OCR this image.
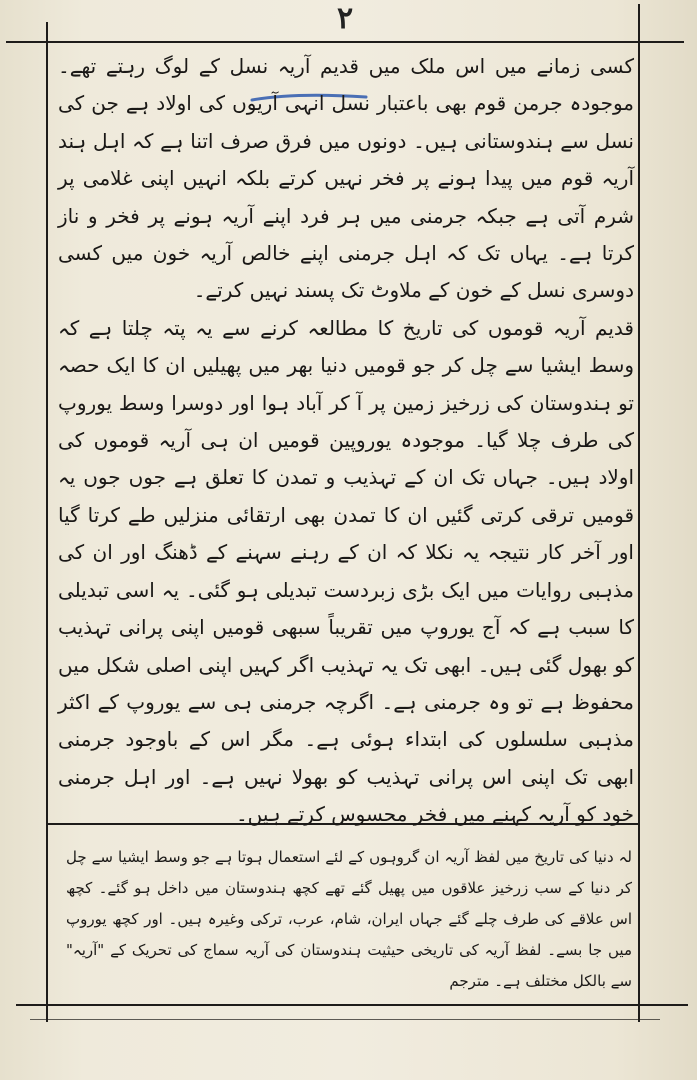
۲

کسی زمانے میں اس ملک میں قدیم آریہ نسل کے لوگ رہتے تھے۔ موجودہ جرمن قوم بھی باعتبار نسل انہی آریوں کی اولاد ہے جن کی نسل سے ہندوستانی ہیں۔ دونوں میں فرق صرف اتنا ہے کہ اہل ہند آریہ قوم میں پیدا ہونے پر فخر نہیں کرتے بلکہ انہیں اپنی غلامی پر شرم آتی ہے جبکہ جرمنی میں ہر فرد اپنے آریہ ہونے پر فخر و ناز کرتا ہے۔ یہاں تک کہ اہل جرمنی اپنے خالص آریہ خون میں کسی دوسری نسل کے خون کے ملاوٹ تک پسند نہیں کرتے۔

قدیم آریہ قوموں کی تاریخ کا مطالعہ کرنے سے یہ پتہ چلتا ہے کہ وسط ایشیا سے چل کر جو قومیں دنیا بھر میں پھیلیں ان کا ایک حصہ تو ہندوستان کی زرخیز زمین پر آ کر آباد ہوا اور دوسرا وسط یوروپ کی طرف چلا گیا۔ موجودہ یوروپین قومیں ان ہی آریہ قوموں کی اولاد ہیں۔ جہاں تک ان کے تہذیب و تمدن کا تعلق ہے جوں جوں یہ قومیں ترقی کرتی گئیں ان کا تمدن بھی ارتقائی منزلیں طے کرتا گیا اور آخر کار نتیجہ یہ نکلا کہ ان کے رہنے سہنے کے ڈھنگ اور ان کی مذہبی روایات میں ایک بڑی زبردست تبدیلی ہو گئی۔ یہ اسی تبدیلی کا سبب ہے کہ آج یوروپ میں تقریباً سبھی قومیں اپنی پرانی تہذیب کو بھول گئی ہیں۔ ابھی تک یہ تہذیب اگر کہیں اپنی اصلی شکل میں محفوظ ہے تو وہ جرمنی ہے۔ اگرچہ جرمنی ہی سے یوروپ کے اکثر مذہبی سلسلوں کی ابتداء ہوئی ہے۔ مگر اس کے باوجود جرمنی ابھی تک اپنی اس پرانی تہذیب کو بھولا نہیں ہے۔ اور اہل جرمنی خود کو آریہ کہنے میں فخر محسوس کرتے ہیں۔

لہ دنیا کی تاریخ میں لفظ آریہ ان گروہوں کے لئے استعمال ہوتا ہے جو وسط ایشیا سے چل کر دنیا کے سب زرخیز علاقوں میں پھیل گئے تھے کچھ ہندوستان میں داخل ہو گئے۔ کچھ اس علاقے کی طرف چلے گئے جہاں ایران، شام، عرب، ترکی وغیرہ ہیں۔ اور کچھ یوروپ میں جا بسے۔ لفظ آریہ کی تاریخی حیثیت ہندوستان کی آریہ سماج کی تحریک کے "آریہ" سے بالکل مختلف ہے۔ مترجم
